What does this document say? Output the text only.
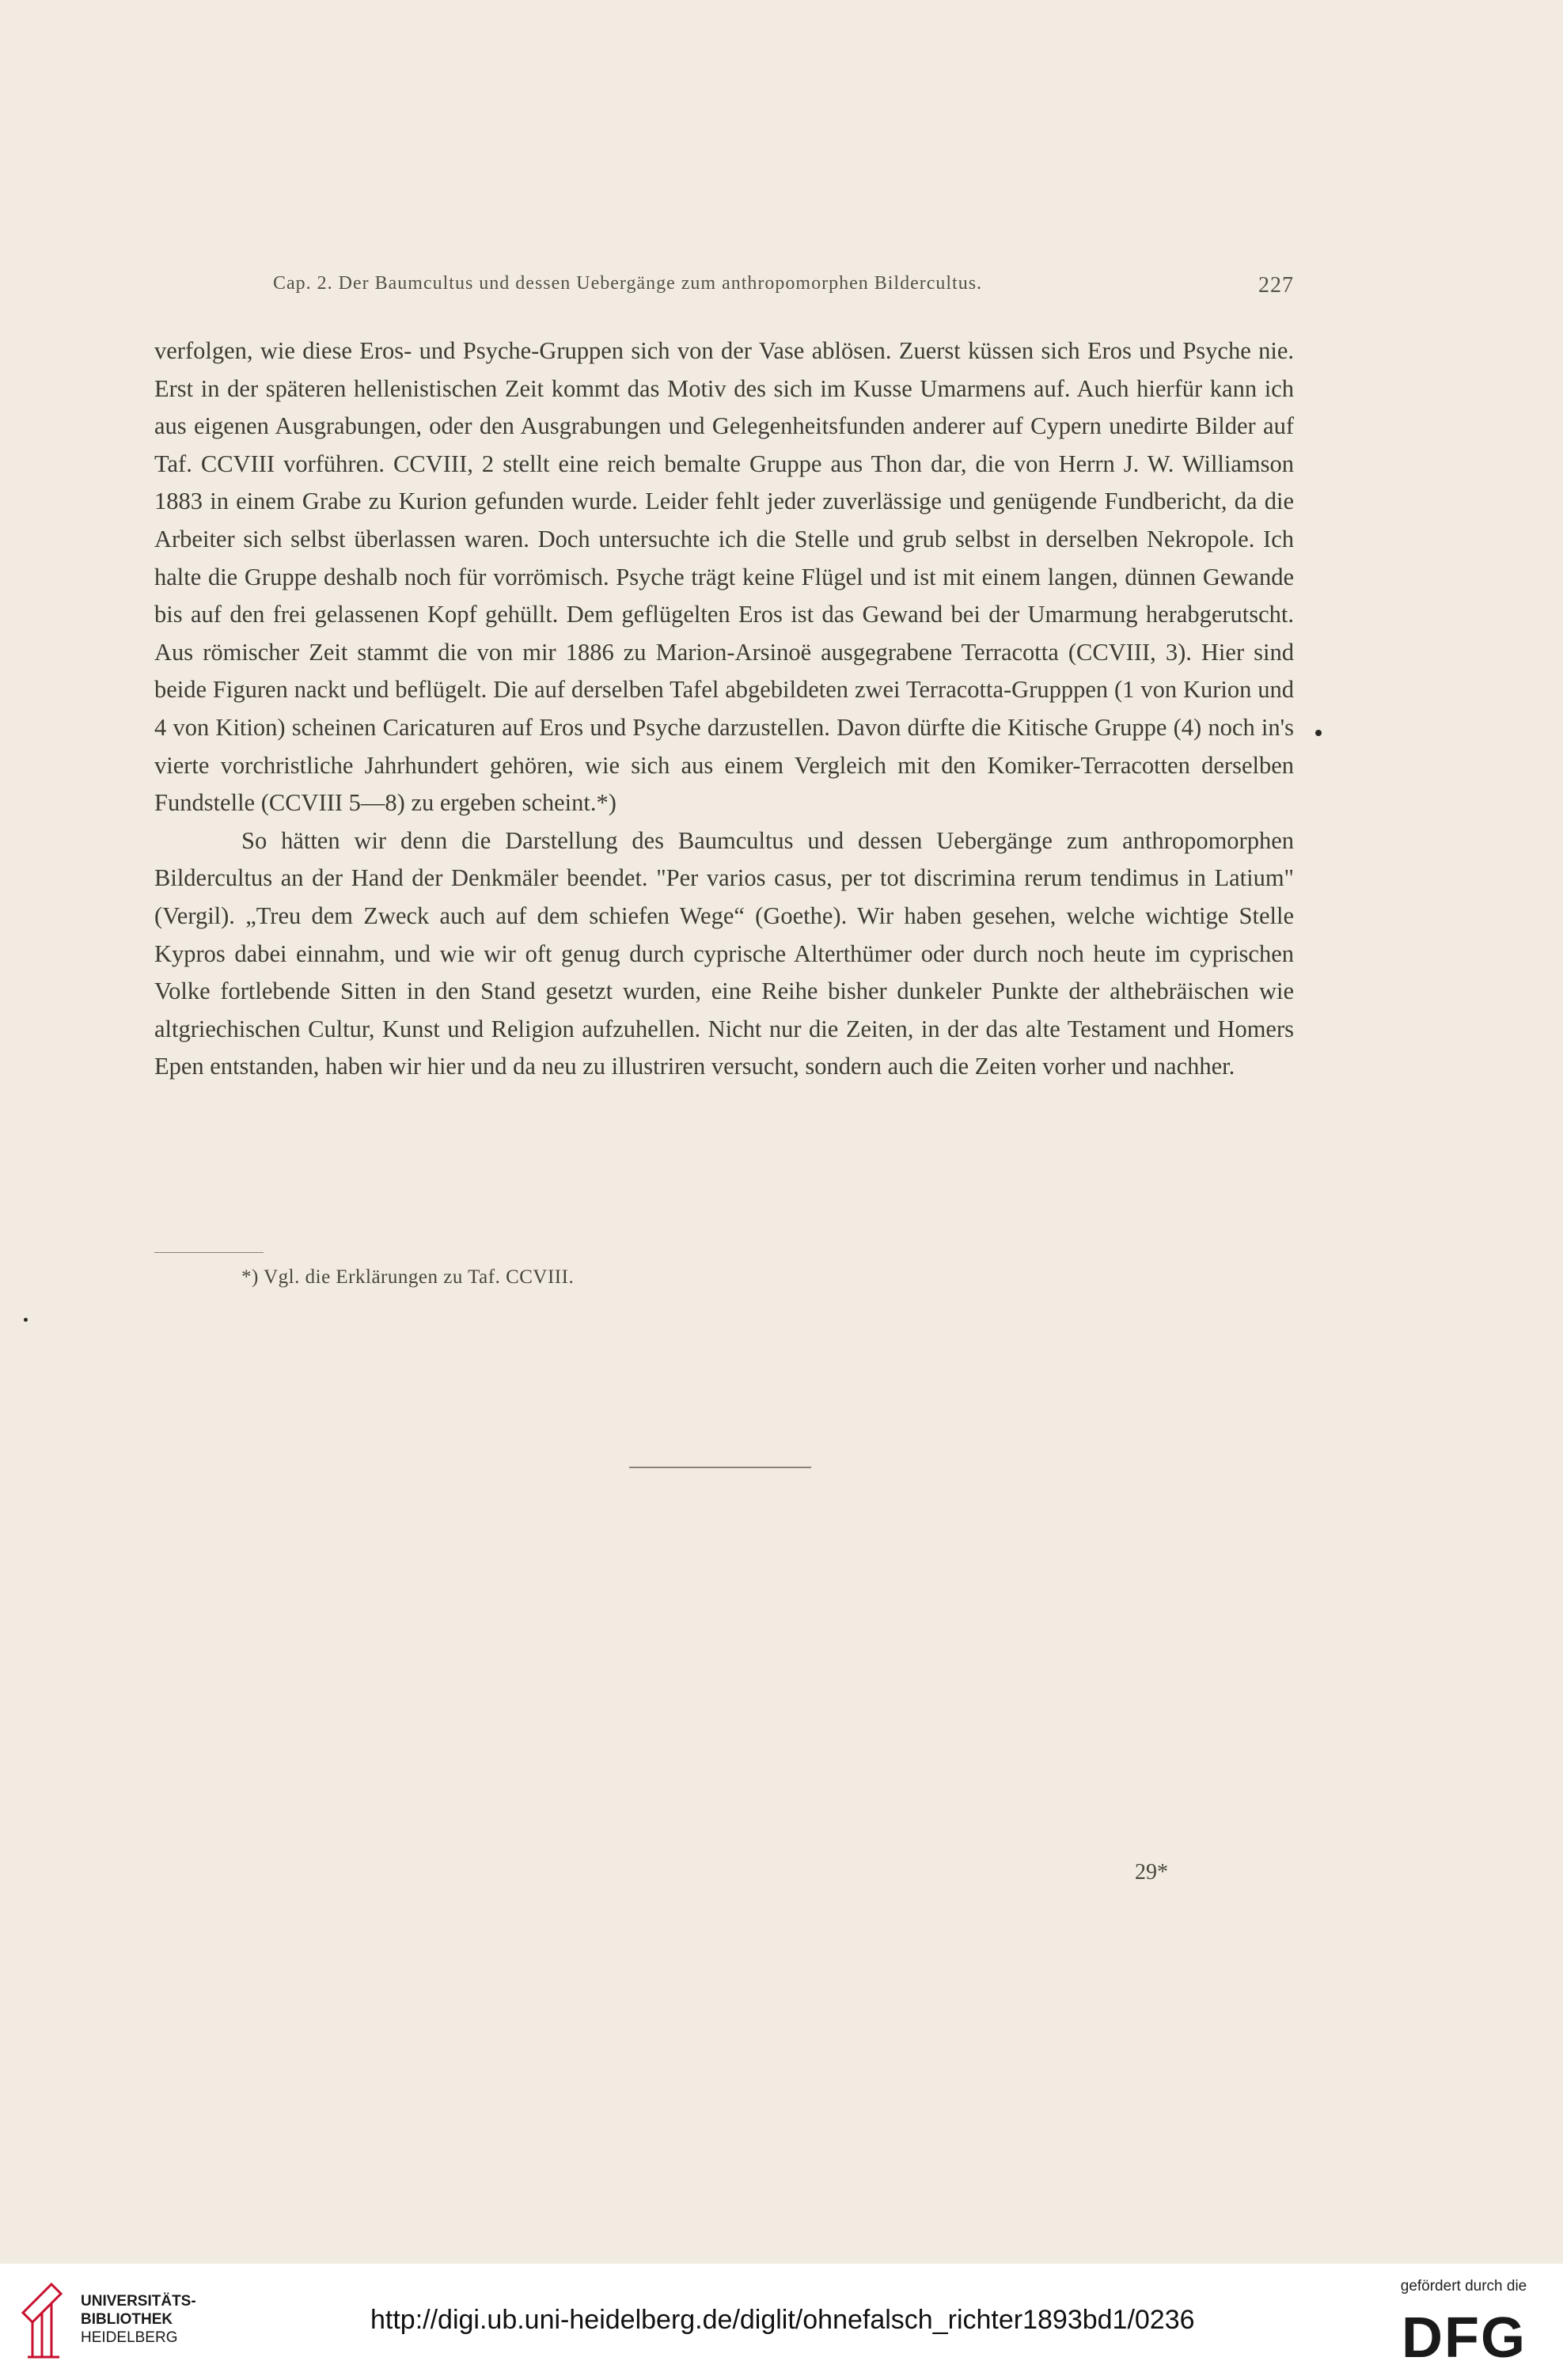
Cap. 2. Der Baumcultus und dessen Uebergänge zum anthropomorphen Bildercultus.	227

verfolgen, wie diese Eros- und Psyche-Gruppen sich von der Vase ablösen. Zuerst küssen sich Eros und Psyche nie. Erst in der späteren hellenistischen Zeit kommt das Motiv des sich im Kusse Umarmens auf. Auch hierfür kann ich aus eigenen Ausgrabungen, oder den Ausgrabungen und Gelegenheitsfunden anderer auf Cypern unedirte Bilder auf Taf. CCVIII vorführen. CCVIII, 2 stellt eine reich bemalte Gruppe aus Thon dar, die von Herrn J. W. Williamson 1883 in einem Grabe zu Kurion gefunden wurde. Leider fehlt jeder zuverlässige und genügende Fundbericht, da die Arbeiter sich selbst überlassen waren. Doch untersuchte ich die Stelle und grub selbst in derselben Nekropole. Ich halte die Gruppe deshalb noch für vorrömisch. Psyche trägt keine Flügel und ist mit einem langen, dünnen Gewande bis auf den frei gelassenen Kopf gehüllt. Dem geflügelten Eros ist das Gewand bei der Umarmung herabgerutscht. Aus römischer Zeit stammt die von mir 1886 zu Marion-Arsinoë ausgegrabene Terracotta (CCVIII, 3). Hier sind beide Figuren nackt und beflügelt. Die auf derselben Tafel abgebildeten zwei Terracotta-Grupppen (1 von Kurion und 4 von Kition) scheinen Caricaturen auf Eros und Psyche darzustellen. Davon dürfte die Kitische Gruppe (4) noch in's vierte vorchristliche Jahrhundert gehören, wie sich aus einem Vergleich mit den Komiker-Terracotten derselben Fundstelle (CCVIII 5—8) zu ergeben scheint.*)

So hätten wir denn die Darstellung des Baumcultus und dessen Uebergänge zum anthropomorphen Bildercultus an der Hand der Denkmäler beendet. "Per varios casus, per tot discrimina rerum tendimus in Latium" (Vergil). „Treu dem Zweck auch auf dem schiefen Wege“ (Goethe). Wir haben gesehen, welche wichtige Stelle Kypros dabei einnahm, und wie wir oft genug durch cyprische Alterthümer oder durch noch heute im cyprischen Volke fortlebende Sitten in den Stand gesetzt wurden, eine Reihe bisher dunkeler Punkte der althebräischen wie altgriechischen Cultur, Kunst und Religion aufzuhellen. Nicht nur die Zeiten, in der das alte Testament und Homers Epen entstanden, haben wir hier und da neu zu illustriren versucht, sondern auch die Zeiten vorher und nachher.

*) Vgl. die Erklärungen zu Taf. CCVIII.
29*
UNIVERSITÄTS-
BIBLIOTHEK
HEIDELBERG
http://digi.ub.uni-heidelberg.de/diglit/ohnefalsch_richter1893bd1/0236
gefördert durch die
DFG
